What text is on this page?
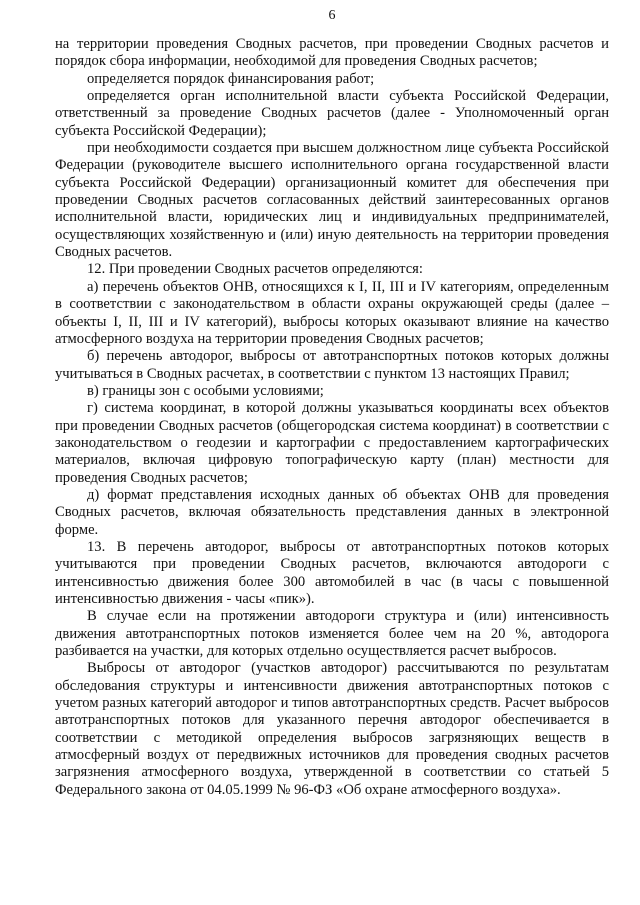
6

на территории проведения Сводных расчетов, при проведении Сводных расчетов и порядок сбора информации, необходимой для проведения Сводных расчетов;

определяется порядок финансирования работ;

определяется орган исполнительной власти субъекта Российской Федерации, ответственный за проведение Сводных расчетов (далее - Уполномоченный орган субъекта Российской Федерации);

при необходимости создается при высшем должностном лице субъекта Российской Федерации (руководителе высшего исполнительного органа государственной власти субъекта Российской Федерации) организационный комитет для обеспечения при проведении Сводных расчетов согласованных действий заинтересованных органов исполнительной власти, юридических лиц и индивидуальных предпринимателей, осуществляющих хозяйственную и (или) иную деятельность на территории проведения Сводных расчетов.

12. При проведении Сводных расчетов определяются:

а) перечень объектов ОНВ, относящихся к I, II, III и IV категориям, определенным в соответствии с законодательством в области охраны окружающей среды (далее – объекты I, II, III и IV категорий), выбросы которых оказывают влияние на качество атмосферного воздуха на территории проведения Сводных расчетов;

б) перечень автодорог, выбросы от автотранспортных потоков которых должны учитываться в Сводных расчетах, в соответствии с пунктом 13 настоящих Правил;

в) границы зон с особыми условиями;

г) система координат, в которой должны указываться координаты всех объектов при проведении Сводных расчетов (общегородская система координат) в соответствии с законодательством о геодезии и картографии с предоставлением картографических материалов, включая цифровую топографическую карту (план) местности для проведения Сводных расчетов;

д) формат представления исходных данных об объектах ОНВ для проведения Сводных расчетов, включая обязательность представления данных в электронной форме.

13. В перечень автодорог, выбросы от автотранспортных потоков которых учитываются при проведении Сводных расчетов, включаются автодороги с интенсивностью движения более 300 автомобилей в час (в часы с повышенной интенсивностью движения - часы «пик»).

В случае если на протяжении автодороги структура и (или) интенсивность движения автотранспортных потоков изменяется более чем на 20 %, автодорога разбивается на участки, для которых отдельно осуществляется расчет выбросов.

Выбросы от автодорог (участков автодорог) рассчитываются по результатам обследования структуры и интенсивности движения автотранспортных потоков с учетом разных категорий автодорог и типов автотранспортных средств. Расчет выбросов автотранспортных потоков для указанного перечня автодорог обеспечивается в соответствии с методикой определения выбросов загрязняющих веществ в атмосферный воздух от передвижных источников для проведения сводных расчетов загрязнения атмосферного воздуха, утвержденной в соответствии со статьей 5 Федерального закона от 04.05.1999 № 96-ФЗ «Об охране атмосферного воздуха».
